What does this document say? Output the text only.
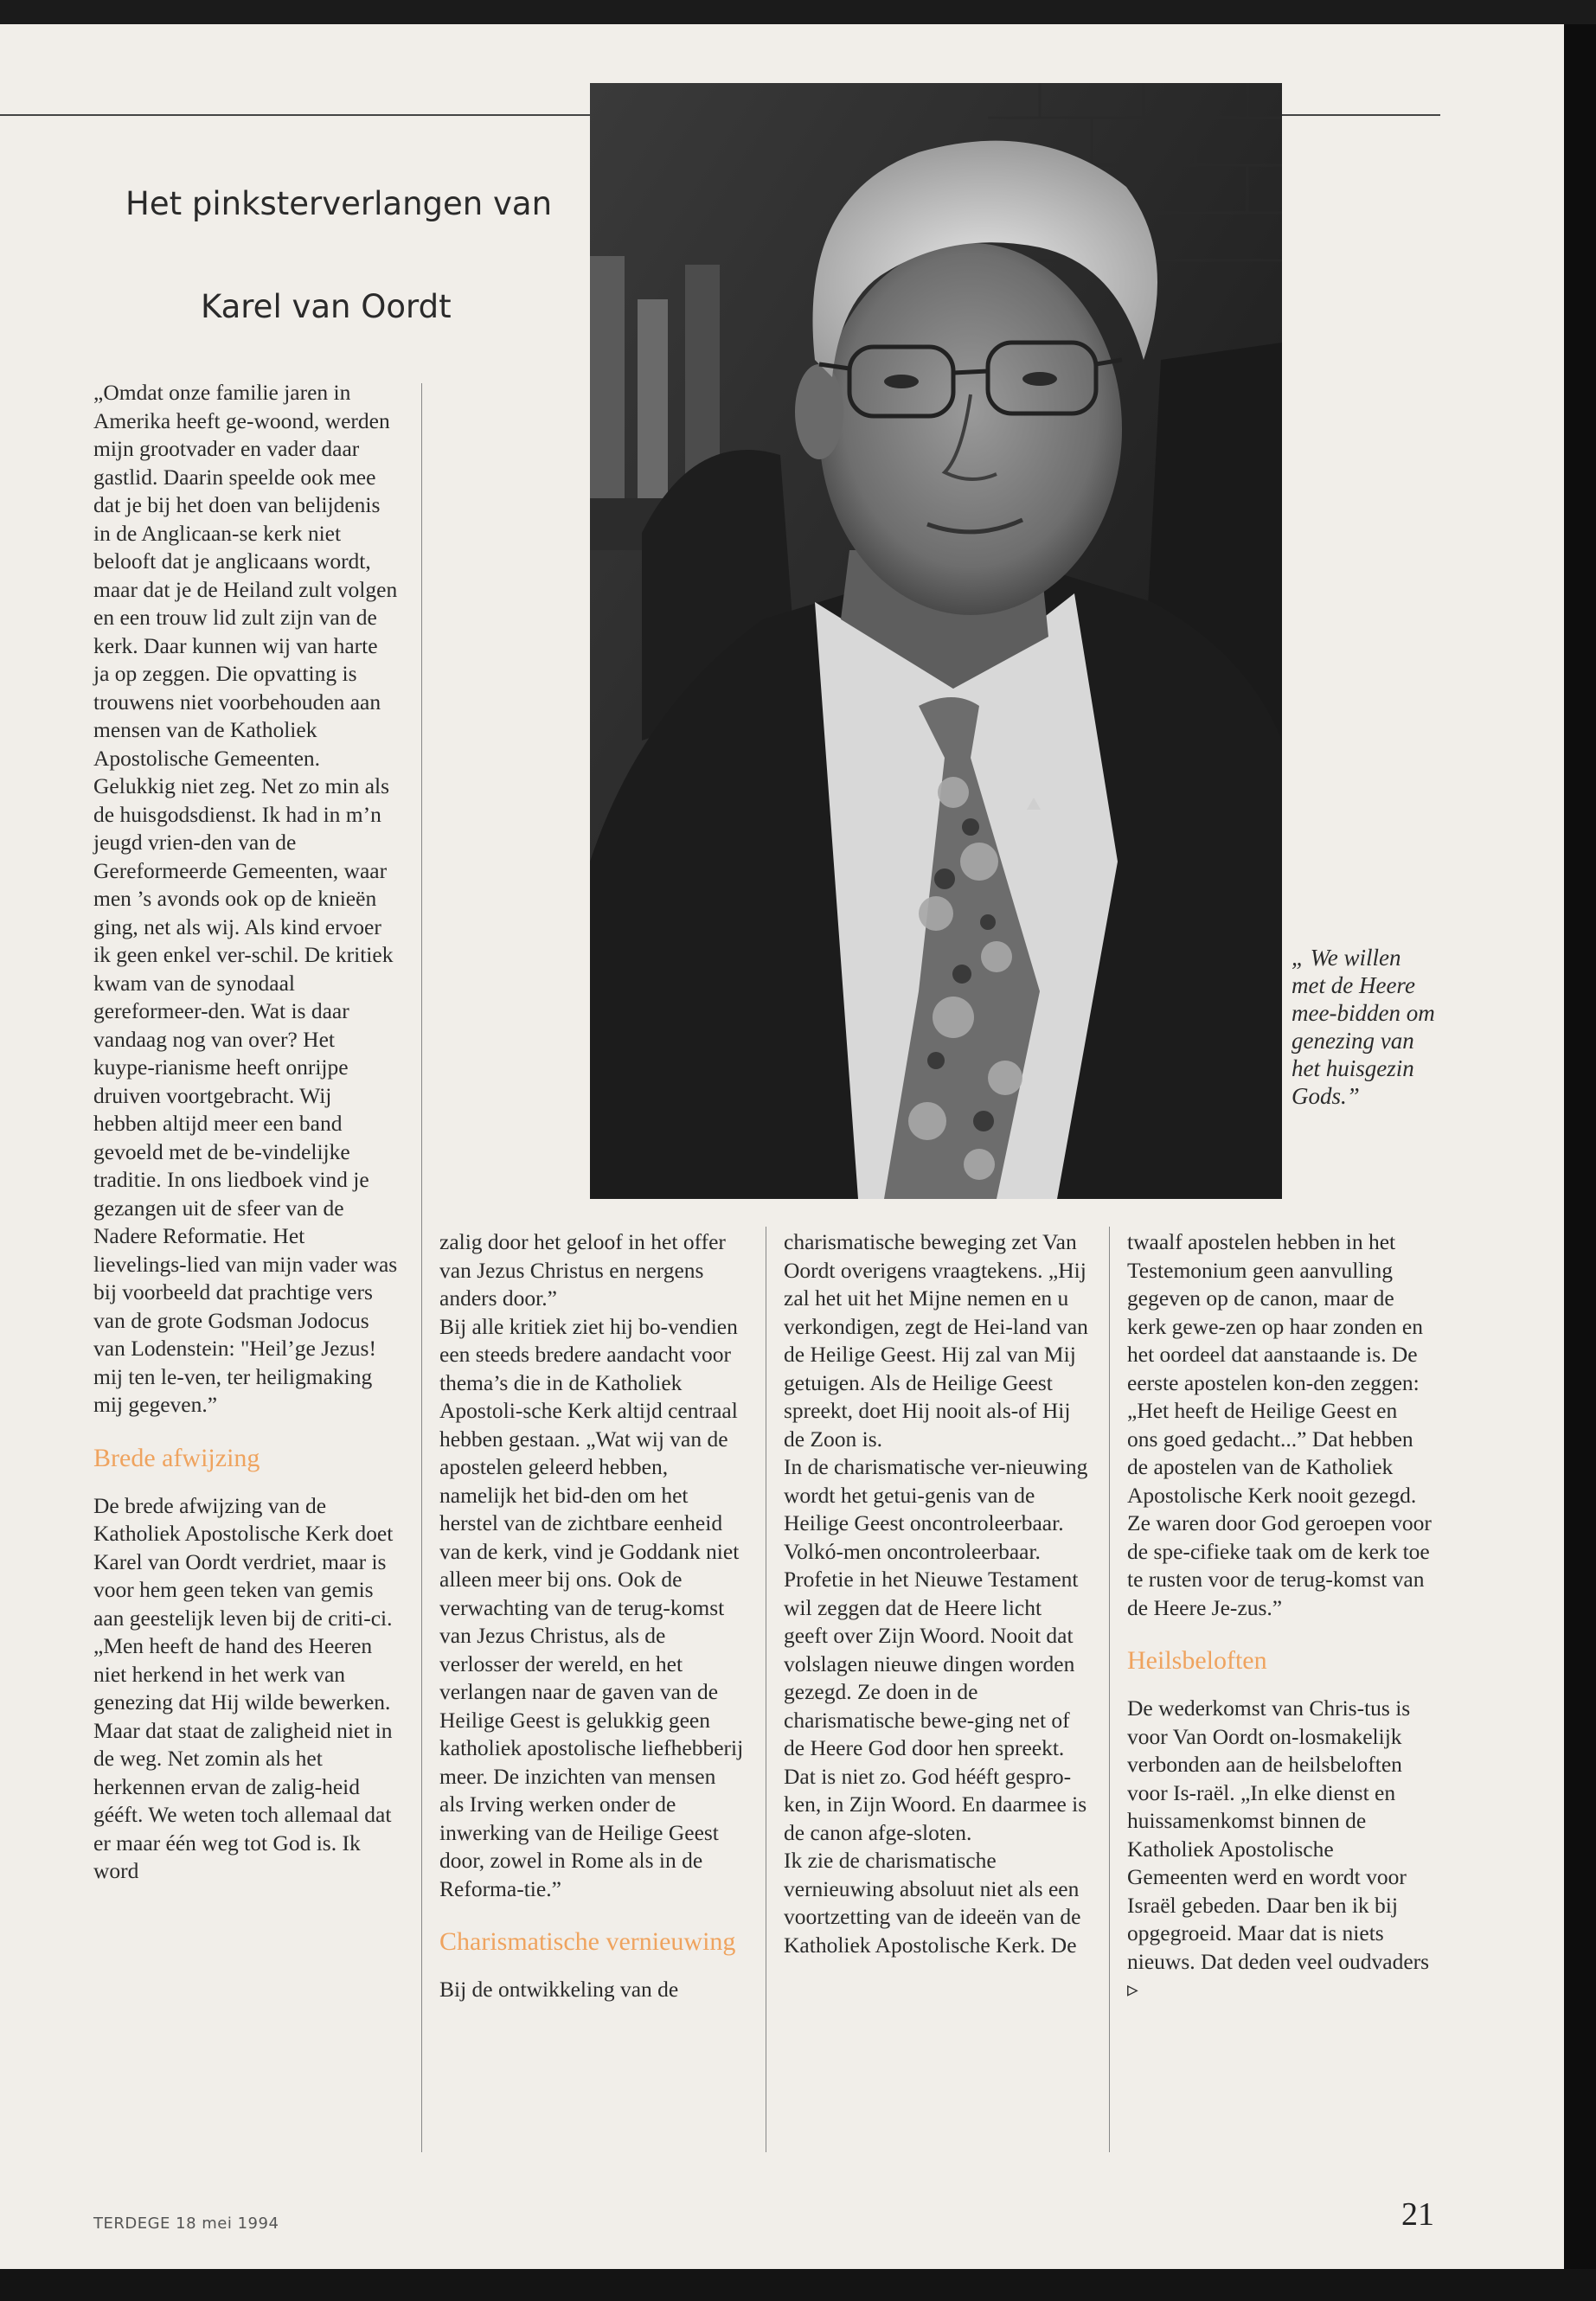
Het pinksterverlangen van
Karel van Oordt
„ We willen met de Heere mee-bidden om genezing van het huisgezin Gods.”

„Omdat onze familie jaren in Amerika heeft ge-woond, werden mijn grootvader en vader daar gastlid. Daarin speelde ook mee dat je bij het doen van belijdenis in de Anglicaan-se kerk niet belooft dat je anglicaans wordt, maar dat je de Heiland zult volgen en een trouw lid zult zijn van de kerk. Daar kunnen wij van harte ja op zeggen. Die opvatting is trouwens niet voorbehouden aan mensen van de Katholiek Apostolische Gemeenten. Gelukkig niet zeg. Net zo min als de huisgodsdienst. Ik had in m’n jeugd vrien-den van de Gereformeerde Gemeenten, waar men ’s avonds ook op de knieën ging, net als wij. Als kind ervoer ik geen enkel ver-schil. De kritiek kwam van de synodaal gereformeer-den. Wat is daar vandaag nog van over? Het kuype-rianisme heeft onrijpe druiven voortgebracht. Wij hebben altijd meer een band gevoeld met de be-vindelijke traditie. In ons liedboek vind je gezangen uit de sfeer van de Nadere Reformatie. Het lievelings-lied van mijn vader was bij voorbeeld dat prachtige vers van de grote Godsman Jodocus van Lodenstein: "Heil’ge Jezus! mij ten le-ven, ter heiligmaking mij gegeven.”

Brede afwijzing

De brede afwijzing van de Katholiek Apostolische Kerk doet Karel van Oordt verdriet, maar is voor hem geen teken van gemis aan geestelijk leven bij de criti-ci. „Men heeft de hand des Heeren niet herkend in het werk van genezing dat Hij wilde bewerken. Maar dat staat de zaligheid niet in de weg. Net zomin als het herkennen ervan de zalig-heid gééft. We weten toch allemaal dat er maar één weg tot God is. Ik word

zalig door het geloof in het offer van Jezus Christus en nergens anders door.”

Bij alle kritiek ziet hij bo-vendien een steeds bredere aandacht voor thema’s die in de Katholiek Apostoli-sche Kerk altijd centraal hebben gestaan. „Wat wij van de apostelen geleerd hebben, namelijk het bid-den om het herstel van de zichtbare eenheid van de kerk, vind je Goddank niet alleen meer bij ons. Ook de verwachting van de terug-komst van Jezus Christus, als de verlosser der wereld, en het verlangen naar de gaven van de Heilige Geest is gelukkig geen katholiek apostolische liefhebberij meer. De inzichten van mensen als Irving werken onder de inwerking van de Heilige Geest door, zowel in Rome als in de Reforma-tie.”

Charismatische vernieuwing

Bij de ontwikkeling van de

charismatische beweging zet Van Oordt overigens vraagtekens. „Hij zal het uit het Mijne nemen en u verkondigen, zegt de Hei-land van de Heilige Geest. Hij zal van Mij getuigen. Als de Heilige Geest spreekt, doet Hij nooit als-of Hij de Zoon is.

In de charismatische ver-nieuwing wordt het getui-genis van de Heilige Geest oncontroleerbaar. Volkó-men oncontroleerbaar. Profetie in het Nieuwe Testament wil zeggen dat de Heere licht geeft over Zijn Woord. Nooit dat volslagen nieuwe dingen worden gezegd. Ze doen in de charismatische bewe-ging net of de Heere God door hen spreekt. Dat is niet zo. God hééft gespro-ken, in Zijn Woord. En daarmee is de canon afge-sloten.

Ik zie de charismatische vernieuwing absoluut niet als een voortzetting van de ideeën van de Katholiek Apostolische Kerk. De

twaalf apostelen hebben in het Testemonium geen aanvulling gegeven op de canon, maar de kerk gewe-zen op haar zonden en het oordeel dat aanstaande is. De eerste apostelen kon-den zeggen: „Het heeft de Heilige Geest en ons goed gedacht...” Dat hebben de apostelen van de Katholiek Apostolische Kerk nooit gezegd. Ze waren door God geroepen voor de spe-cifieke taak om de kerk toe te rusten voor de terug-komst van de Heere Je-zus.”

Heilsbeloften

De wederkomst van Chris-tus is voor Van Oordt on-losmakelijk verbonden aan de heilsbeloften voor Is-raël. „In elke dienst en huissamenkomst binnen de Katholiek Apostolische Gemeenten werd en wordt voor Israël gebeden. Daar ben ik bij opgegroeid. Maar dat is niets nieuws. Dat deden veel oudvaders ▹

TERDEGE 18 mei 1994	21
